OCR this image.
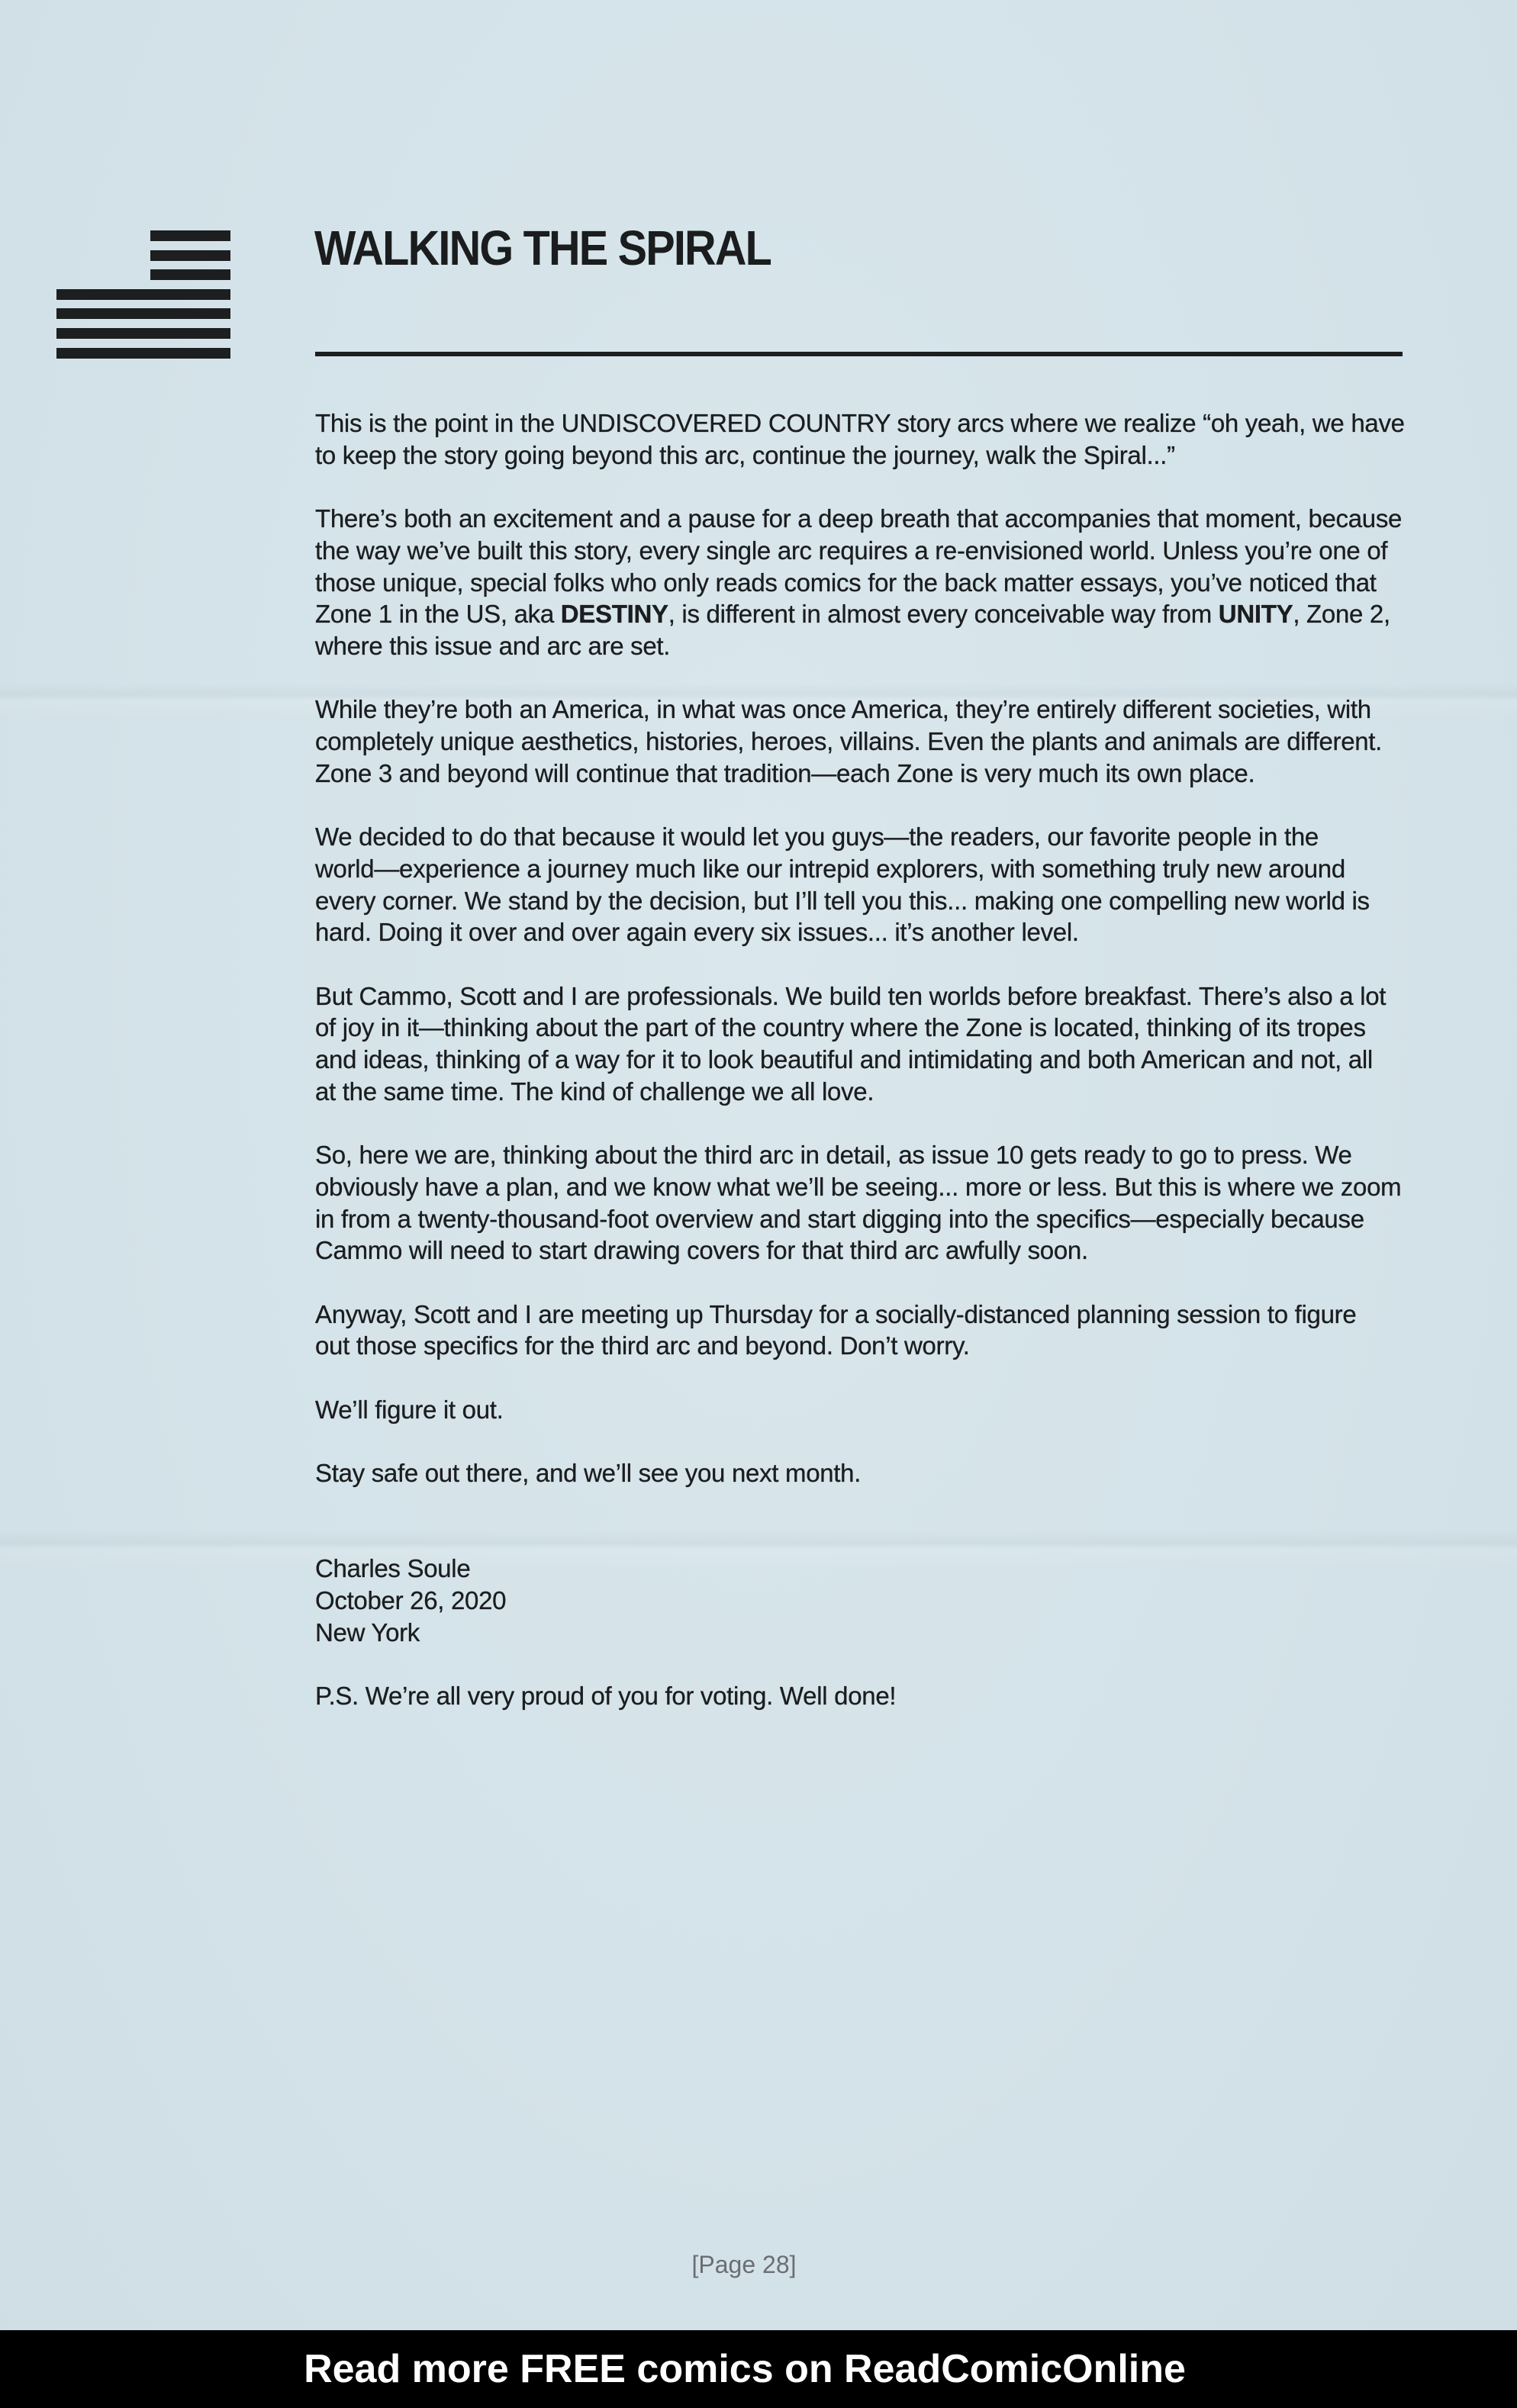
WALKING THE SPIRAL
This is the point in the UNDISCOVERED COUNTRY story arcs where we realize “oh yeah, we have
to keep the story going beyond this arc, continue the journey, walk the Spiral...”
There’s both an excitement and a pause for a deep breath that accompanies that moment, because
the way we’ve built this story, every single arc requires a re-envisioned world. Unless you’re one of
those unique, special folks who only reads comics for the back matter essays, you’ve noticed that
Zone 1 in the US, aka DESTINY, is different in almost every conceivable way from UNITY, Zone 2,
where this issue and arc are set.
While they’re both an America, in what was once America, they’re entirely different societies, with
completely unique aesthetics, histories, heroes, villains. Even the plants and animals are different.
Zone 3 and beyond will continue that tradition—each Zone is very much its own place.
We decided to do that because it would let you guys—the readers, our favorite people in the
world—experience a journey much like our intrepid explorers, with something truly new around
every corner. We stand by the decision, but I’ll tell you this... making one compelling new world is
hard. Doing it over and over again every six issues... it’s another level.
But Cammo, Scott and I are professionals. We build ten worlds before breakfast. There’s also a lot
of joy in it—thinking about the part of the country where the Zone is located, thinking of its tropes
and ideas, thinking of a way for it to look beautiful and intimidating and both American and not, all
at the same time. The kind of challenge we all love.
So, here we are, thinking about the third arc in detail, as issue 10 gets ready to go to press. We
obviously have a plan, and we know what we’ll be seeing... more or less. But this is where we zoom
in from a twenty-thousand-foot overview and start digging into the specifics—especially because
Cammo will need to start drawing covers for that third arc awfully soon.
Anyway, Scott and I are meeting up Thursday for a socially-distanced planning session to figure
out those specifics for the third arc and beyond. Don’t worry.
We’ll figure it out.
Stay safe out there, and we’ll see you next month.
Charles Soule
October 26, 2020
New York
P.S. We’re all very proud of you for voting. Well done!
[Page 28]
Read more FREE comics on ReadComicOnline
